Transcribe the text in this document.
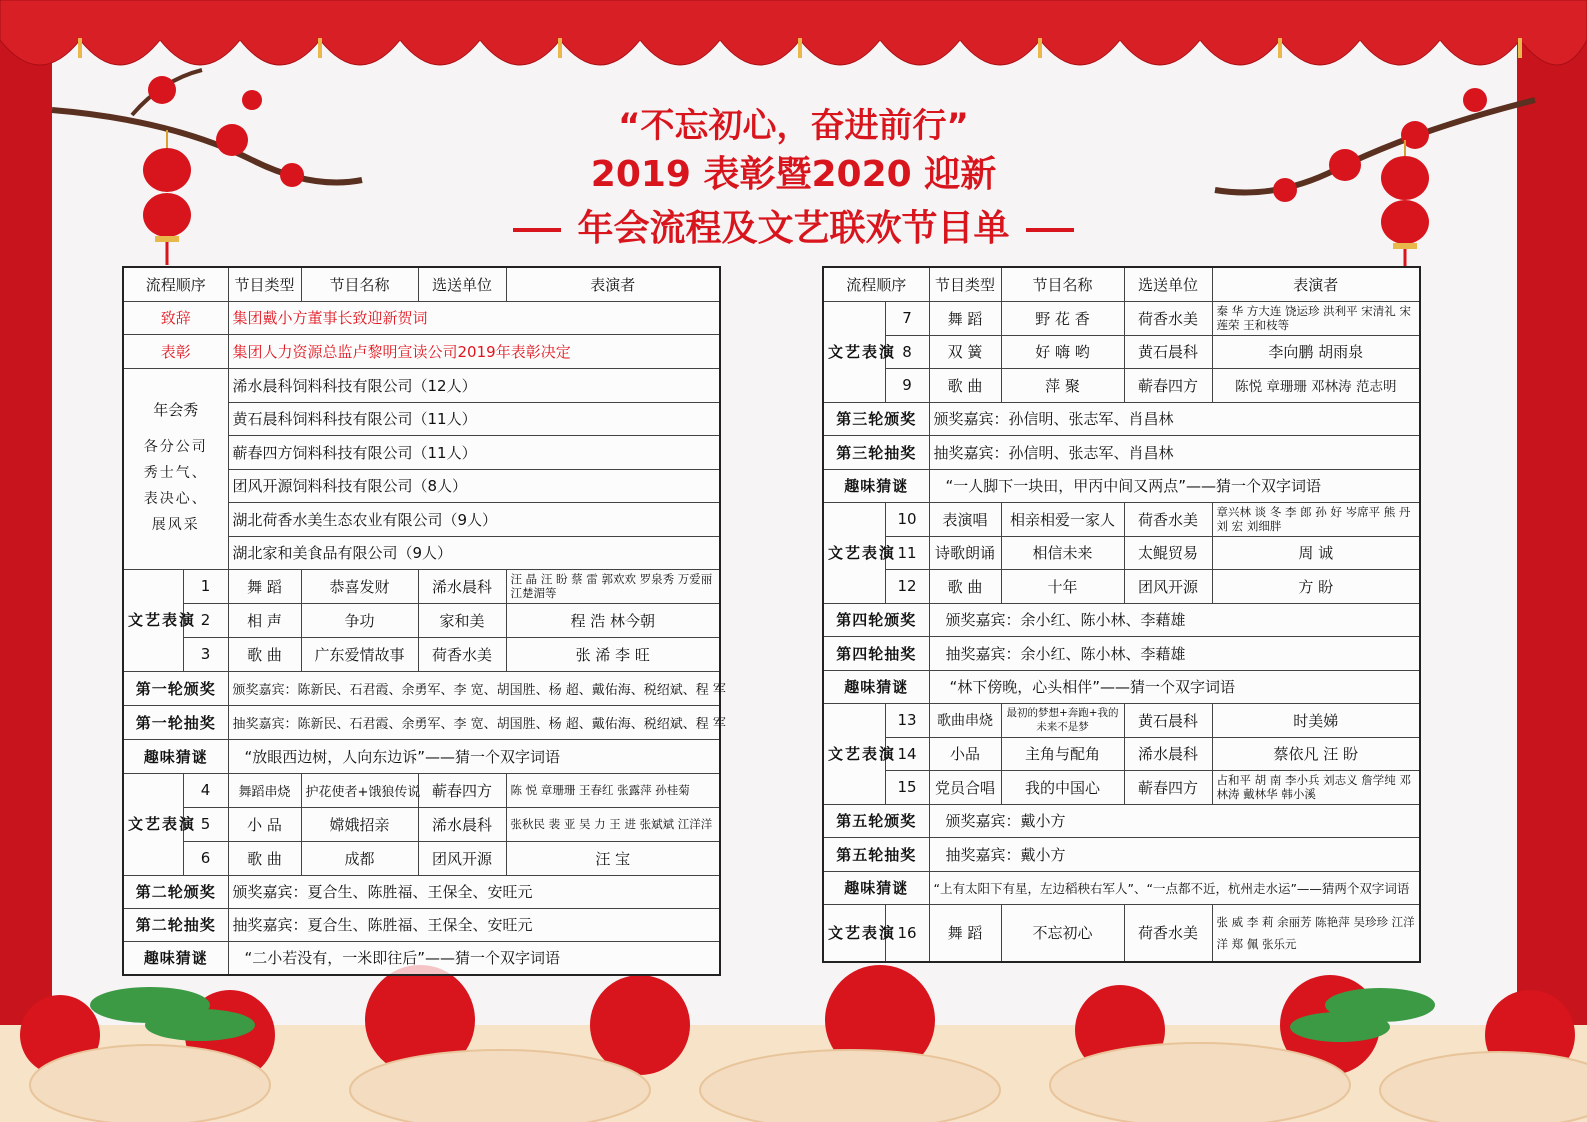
“不忘初心，奋进前行”
2019 表彰暨2020 迎新
年会流程及文艺联欢节目单
流程顺序		节目类型	节目名称	选送单位	表演者
致辞		集团戴小方董事长致迎新贺词			
表彰		集团人力资源总监卢黎明宣读公司2019年表彰决定			

年会秀
各分公司秀士气、表决心、展风采		浠水晨科饲料科技有限公司（12人）			
		黄石晨科饲料科技有限公司（11人）			
		蕲春四方饲料科技有限公司（11人）			
		团风开源饲料科技有限公司（8人）			
		湖北荷香水美生态农业有限公司（9人）			
		湖北家和美食品有限公司（9人）			
文艺表演	1	舞 蹈	恭喜发财	浠水晨科	汪 晶 汪 盼 蔡 雷 郭欢欢 罗泉秀 万爱丽 江楚湄等
	2	相 声	争功	家和美	程 浩 林今朝
	3	歌 曲	广东爱情故事	荷香水美	张 浠 李 旺
第一轮颁奖		颁奖嘉宾：陈新民、石君霞、余勇军、李 宽、胡国胜、杨 超、戴佑海、税绍斌、程 军			
第一轮抽奖		抽奖嘉宾：陈新民、石君霞、余勇军、李 宽、胡国胜、杨 超、戴佑海、税绍斌、程 军			
趣味猜谜		“放眼西边树，人向东边诉”——猜一个双字词语			
文艺表演	4	舞蹈串烧	护花使者+饿狼传说	蕲春四方	陈 悦 章珊珊 王春红 张露萍 孙桂菊
	5	小 品	嫦娥招亲	浠水晨科	张秋民 裴 亚 吴 力 王 进 张斌斌 江洋洋
	6	歌 曲	成都	团风开源	汪 宝
第二轮颁奖		颁奖嘉宾：夏合生、陈胜福、王保全、安旺元			
第二轮抽奖		抽奖嘉宾：夏合生、陈胜福、王保全、安旺元			
趣味猜谜		“二小若没有，一米即往后”——猜一个双字词语			
流程顺序		节目类型	节目名称	选送单位	表演者
文艺表演	7	舞 蹈	野 花 香	荷香水美	秦 华 方大连 饶运珍 洪利平 宋清礼 宋莲荣 王和枝等
	8	双 簧	好 嗨 哟	黄石晨科	李向鹏 胡雨泉
	9	歌 曲	萍 聚	蕲春四方	陈悦 章珊珊 邓林涛 范志明
第三轮颁奖		颁奖嘉宾：孙信明、张志军、肖昌林			
第三轮抽奖		抽奖嘉宾：孙信明、张志军、肖昌林			
趣味猜谜		“一人脚下一块田，甲丙中间又两点”——猜一个双字词语			
文艺表演	10	表演唱	相亲相爱一家人	荷香水美	章兴林 谈 冬 李 郎 孙 好 岑席平 熊 丹 刘 宏 刘细胖
	11	诗歌朗诵	相信未来	太鲲贸易	周 诚
	12	歌 曲	十年	团风开源	方 盼
第四轮颁奖		颁奖嘉宾：余小红、陈小林、李藉雄			
第四轮抽奖		抽奖嘉宾：余小红、陈小林、李藉雄			
趣味猜谜		“林下傍晚，心头相伴”——猜一个双字词语			
文艺表演	13	歌曲串烧	最初的梦想+奔跑+我的未来不是梦	黄石晨科	时美娣
	14	小品	主角与配角	浠水晨科	蔡依凡 汪 盼
	15	党员合唱	我的中国心	蕲春四方	占和平 胡 南 李小兵 刘志义 詹学纯 邓林涛 戴林华 韩小溪
第五轮颁奖		颁奖嘉宾：戴小方			
第五轮抽奖		抽奖嘉宾：戴小方			
趣味猜谜		“上有太阳下有星，左边稻秧右军人”、“一点都不近，杭州走水运”——猜两个双字词语			
文艺表演	16	舞 蹈	不忘初心	荷香水美	张 威 李 莉 余丽芳 陈艳萍 吴珍珍 江洋洋 郑 佩 张乐元
